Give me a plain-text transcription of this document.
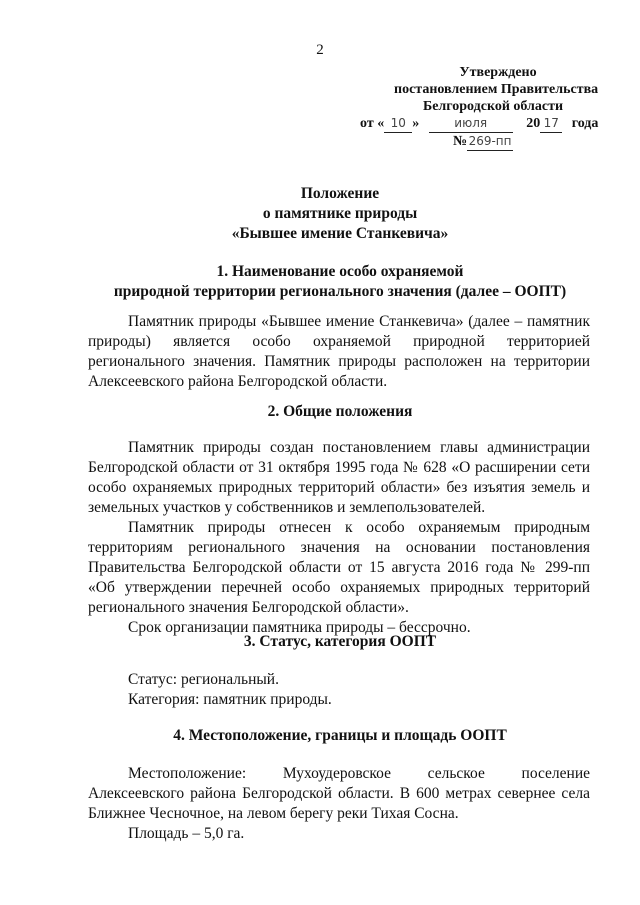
2
Утверждено
постановлением Правительства
Белгородской области
от « 10 »	июля	20 17 года
№ 269-пп
Положение
о памятнике природы
«Бывшее имение Станкевича»
1. Наименование особо охраняемой
природной территории регионального значения (далее – ООПТ)

Памятник природы «Бывшее имение Станкевича» (далее – памятник природы) является особо охраняемой природной территорией регионального значения. Памятник природы расположен на территории Алексеевского района Белгородской области.

2. Общие положения

Памятник природы создан постановлением главы администрации Белгородской области от 31 октября 1995 года № 628 «О расширении сети особо охраняемых природных территорий области» без изъятия земель и земельных участков у собственников и землепользователей.

Памятник природы отнесен к особо охраняемым природным территориям регионального значения на основании постановления Правительства Белгородской области от 15 августа 2016 года № 299-пп «Об утверждении перечней особо охраняемых природных территорий регионального значения Белгородской области».

Срок организации памятника природы – бессрочно.

3. Статус, категория ООПТ

Статус: региональный.

Категория: памятник природы.

4. Местоположение, границы и площадь ООПТ

Местоположение: Мухоудеровское сельское поселение Алексеевского района Белгородской области. В 600 метрах севернее села Ближнее Чесночное, на левом берегу реки Тихая Сосна.

Площадь – 5,0 га.
